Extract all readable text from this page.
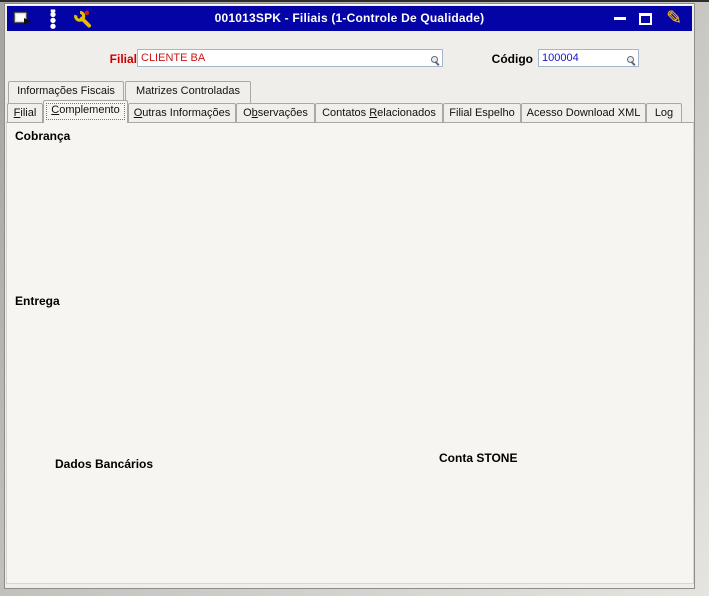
001013SPK - Filiais (1-Controle De Qualidade)	✎
Filial CLIENTE BA	Código 100004
Informações Fiscais	Matrizes Controladas
Filial	Complemento	Outras Informações	Observações	Contatos Relacionados	Filial Espelho	Acesso Download XML	Log
Cobrança
Entrega
Dados Bancários	Conta STONE
